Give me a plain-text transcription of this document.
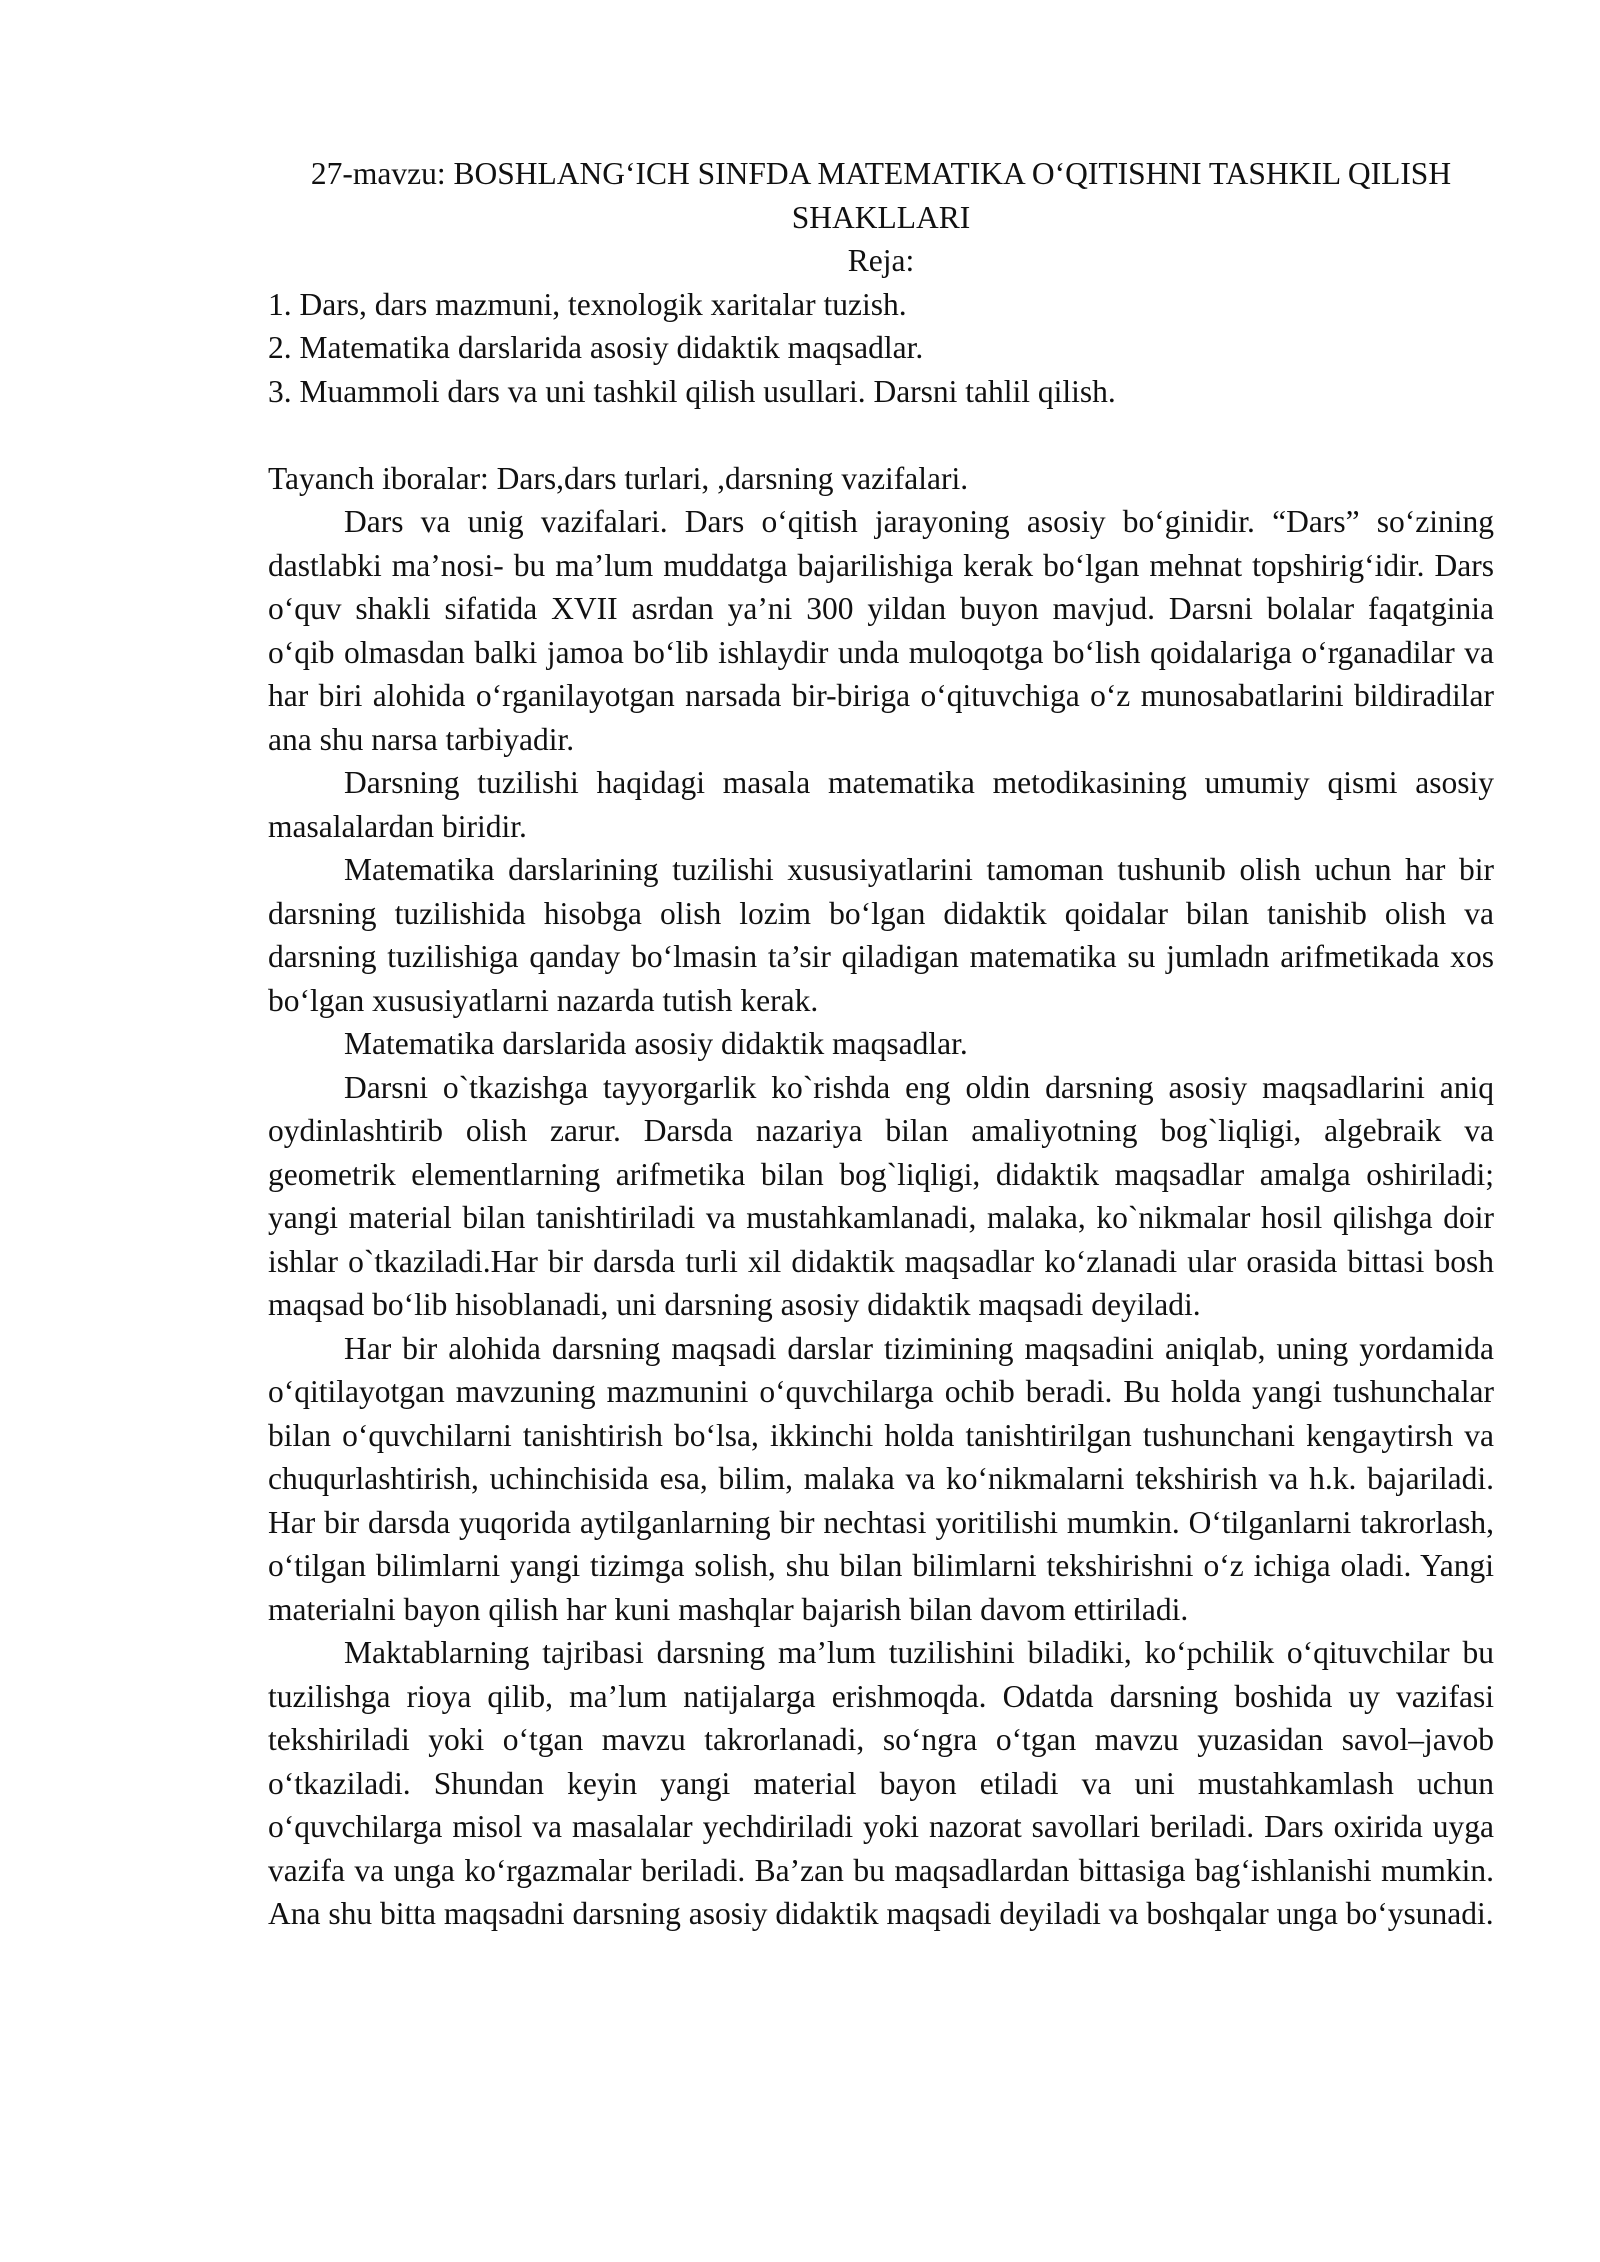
27-mavzu: BOSHLANG‘ICH SINFDA MATEMATIKA O‘QITISHNI TASHKIL QILISH SHAKLLARI

Reja:

1. Dars, dars mazmuni, texnologik xaritalar tuzish.
2. Matematika darslarida asosiy didaktik maqsadlar.
3. Muammoli dars va uni tashkil qilish usullari. Darsni tahlil qilish.

Tayanch iboralar: Dars,dars turlari, ,darsning vazifalari.

Dars va unig vazifalari. Dars o‘qitish jarayoning asosiy bo‘ginidir. “Dars” so‘zining dastlabki ma’nosi- bu ma’lum muddatga bajarilishiga kerak bo‘lgan mehnat topshirig‘idir. Dars o‘quv shakli sifatida XVII asrdan ya’ni 300 yildan buyon mavjud. Darsni bolalar faqatginia o‘qib olmasdan balki jamoa bo‘lib ishlaydir unda muloqotga bo‘lish qoidalariga o‘rganadilar va har biri alohida o‘rganilayotgan narsada bir-biriga o‘qituvchiga o‘z munosabatlarini bildiradilar ana shu narsa tarbiyadir.

Darsning tuzilishi haqidagi masala matematika metodikasining umumiy qismi asosiy masalalardan biridir.

Matematika darslarining tuzilishi xususiyatlarini tamoman tushunib olish uchun har bir darsning tuzilishida hisobga olish lozim bo‘lgan didaktik qoidalar bilan tanishib olish va darsning tuzilishiga qanday bo‘lmasin ta’sir qiladigan matematika su jumladn arifmetikada xos bo‘lgan xususiyatlarni nazarda tutish kerak.

Matematika darslarida asosiy didaktik maqsadlar.

Darsni o`tkazishga tayyorgarlik ko`rishda eng oldin darsning asosiy maqsadlarini aniq oydinlashtirib olish zarur. Darsda nazariya bilan amaliyotning bog`liqligi, algebraik va geometrik elementlarning arifmetika bilan bog`liqligi, didaktik maqsadlar amalga oshiriladi; yangi material bilan tanishtiriladi va mustahkamlanadi, malaka, ko`nikmalar hosil qilishga doir ishlar o`tkaziladi.Har bir darsda turli xil didaktik maqsadlar ko‘zlanadi ular orasida bittasi bosh maqsad bo‘lib hisoblanadi, uni darsning asosiy didaktik maqsadi deyiladi.

Har bir alohida darsning maqsadi darslar tizimining maqsadini aniqlab, uning yordamida o‘qitilayotgan mavzuning mazmunini o‘quvchilarga ochib beradi. Bu holda yangi tushunchalar bilan o‘quvchilarni tanishtirish bo‘lsa, ikkinchi holda tanishtirilgan tushunchani kengaytirsh va chuqurlashtirish, uchinchisida esa, bilim, malaka va ko‘nikmalarni tekshirish va h.k. bajariladi. Har bir darsda yuqorida aytilganlarning bir nechtasi yoritilishi mumkin. O‘tilganlarni takrorlash, o‘tilgan bilimlarni yangi tizimga solish, shu bilan bilimlarni tekshirishni o‘z ichiga oladi. Yangi materialni bayon qilish har kuni mashqlar bajarish bilan davom ettiriladi.

Maktablarning tajribasi darsning ma’lum tuzilishini biladiki, ko‘pchilik o‘qituvchilar bu tuzilishga rioya qilib, ma’lum natijalarga erishmoqda. Odatda darsning boshida uy vazifasi tekshiriladi yoki o‘tgan mavzu takrorlanadi, so‘ngra o‘tgan mavzu yuzasidan savol–javob o‘tkaziladi. Shundan keyin yangi material bayon etiladi va uni mustahkamlash uchun o‘quvchilarga misol va masalalar yechdiriladi yoki nazorat savollari beriladi. Dars oxirida uyga vazifa va unga ko‘rgazmalar beriladi. Ba’zan bu maqsadlardan bittasiga bag‘ishlanishi mumkin. Ana shu bitta maqsadni darsning asosiy didaktik maqsadi deyiladi va boshqalar unga bo‘ysunadi.
